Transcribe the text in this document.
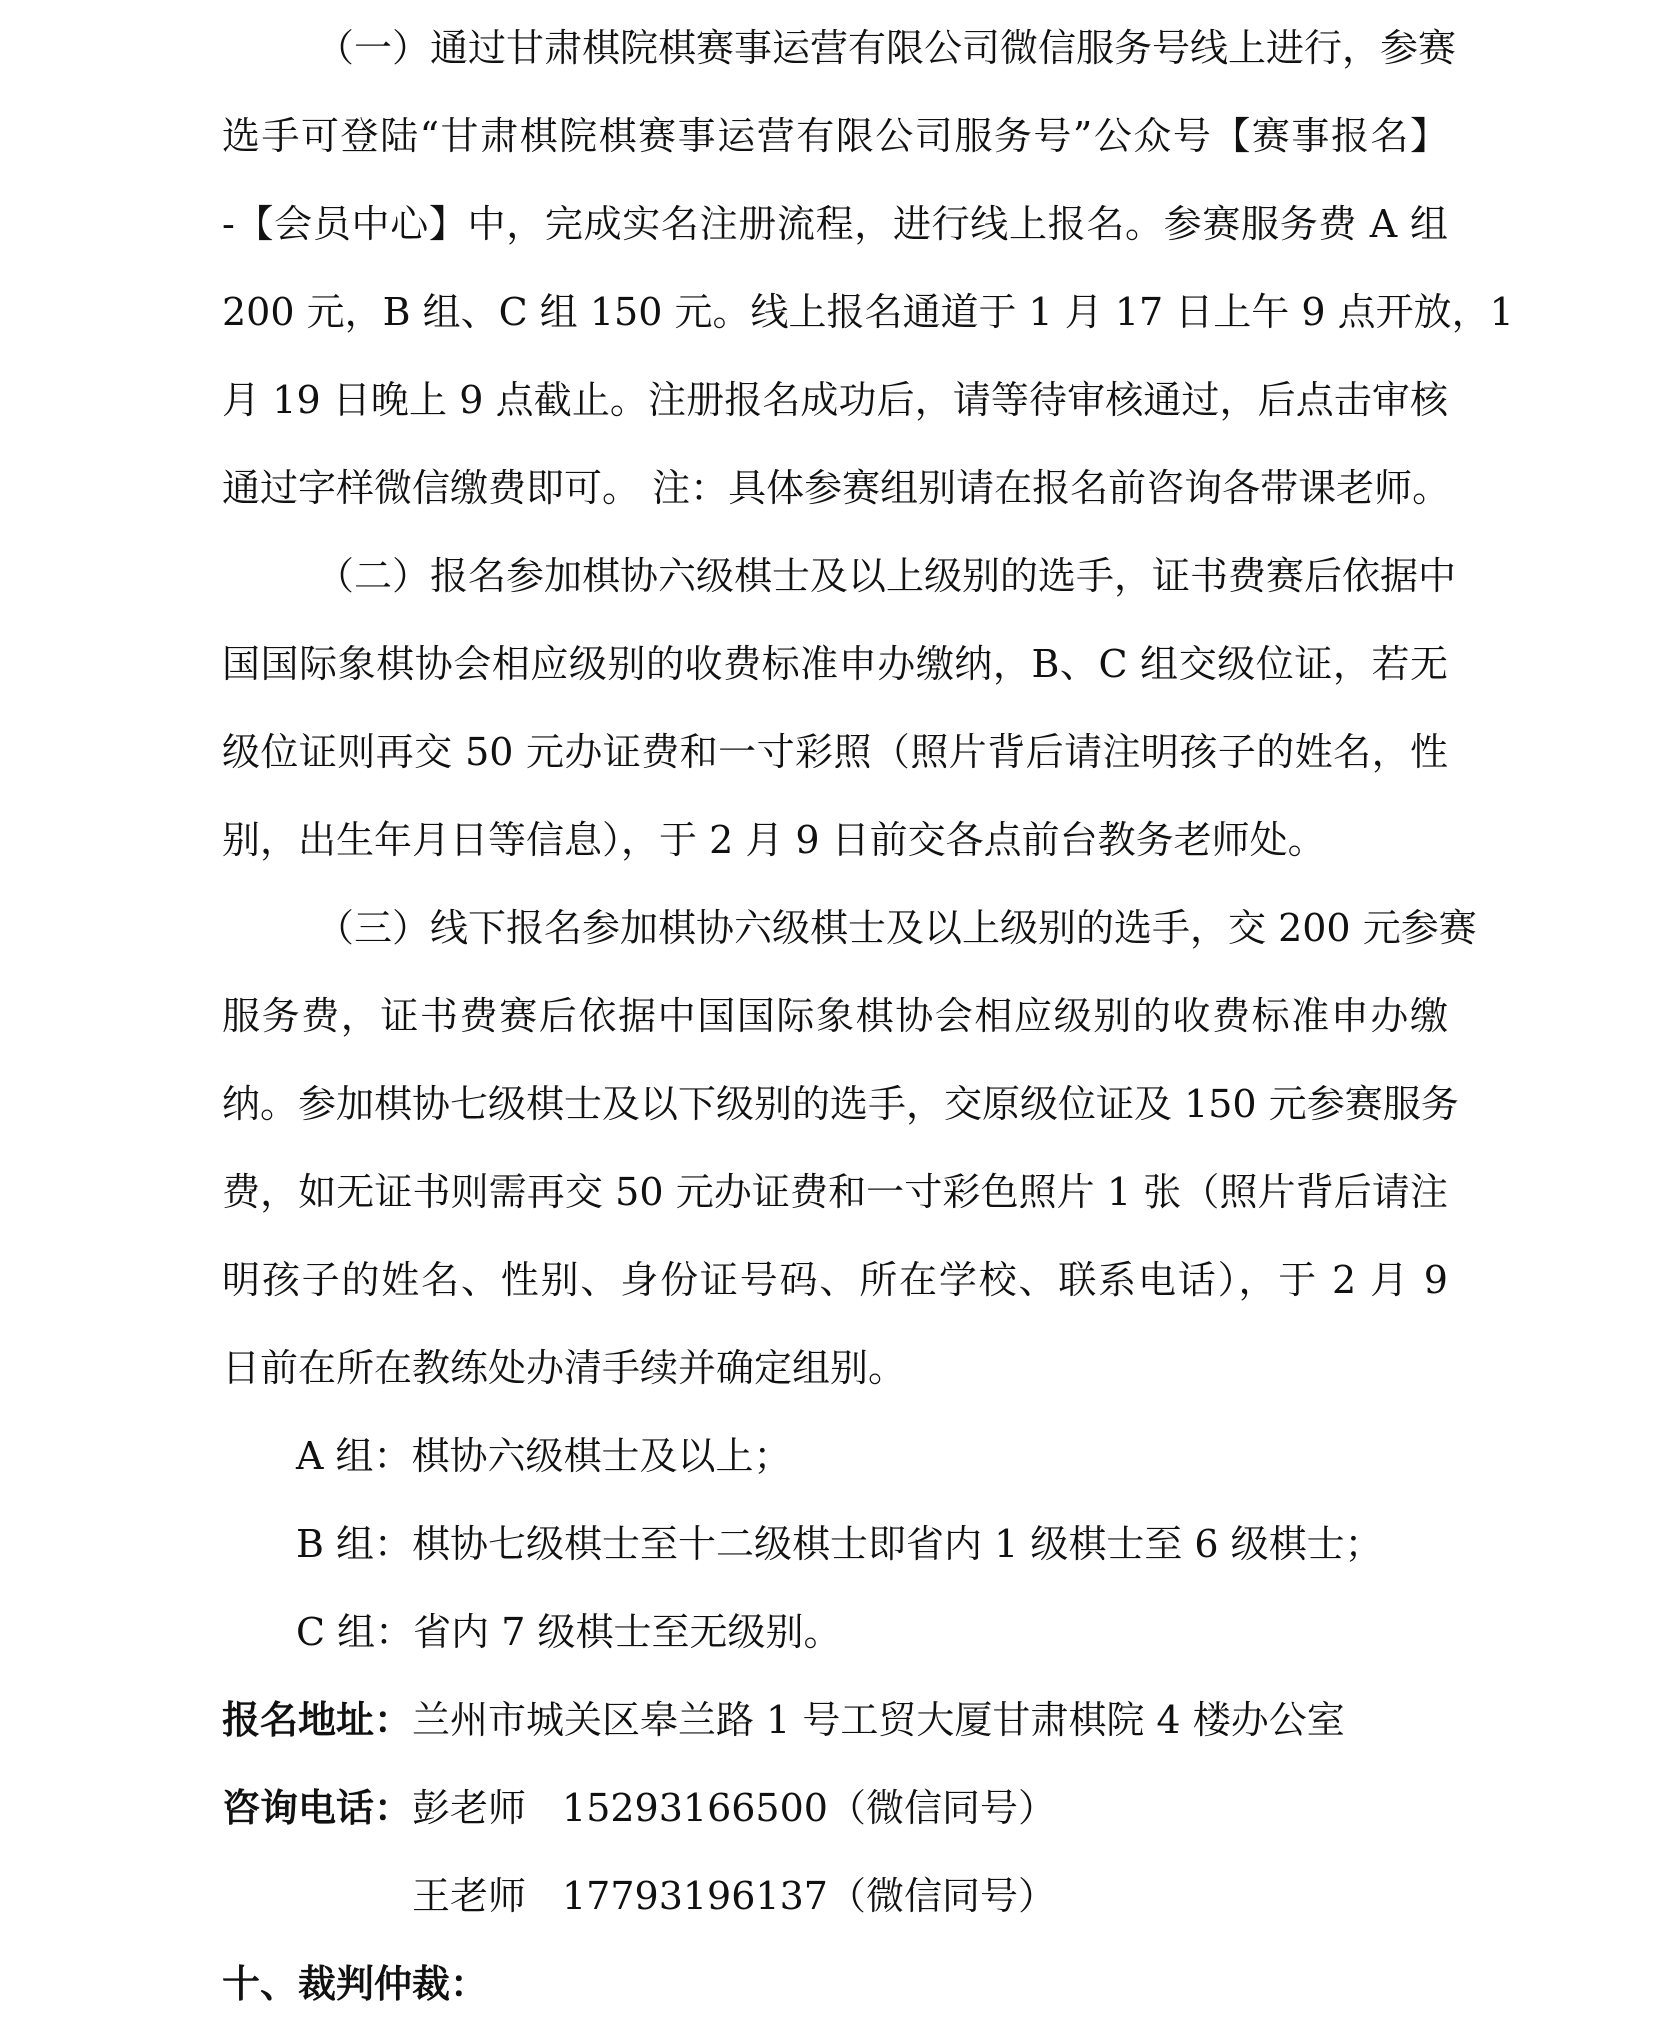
（一）通过甘肃棋院棋赛事运营有限公司微信服务号线上进行，参赛
选手可登陆“甘肃棋院棋赛事运营有限公司服务号”公众号【赛事报名】
-【会员中心】中，完成实名注册流程，进行线上报名。参赛服务费 A 组
200 元，B 组、C 组 150 元。线上报名通道于 1 月 17 日上午 9 点开放，1
月 19 日晚上 9 点截止。注册报名成功后，请等待审核通过，后点击审核
通过字样微信缴费即可。 注：具体参赛组别请在报名前咨询各带课老师。
（二）报名参加棋协六级棋士及以上级别的选手，证书费赛后依据中
国国际象棋协会相应级别的收费标准申办缴纳，B、C 组交级位证，若无
级位证则再交 50 元办证费和一寸彩照（照片背后请注明孩子的姓名，性
别，出生年月日等信息），于 2 月 9 日前交各点前台教务老师处。
（三）线下报名参加棋协六级棋士及以上级别的选手，交 200 元参赛
服务费，证书费赛后依据中国国际象棋协会相应级别的收费标准申办缴
纳。参加棋协七级棋士及以下级别的选手，交原级位证及 150 元参赛服务
费，如无证书则需再交 50 元办证费和一寸彩色照片 1 张（照片背后请注
明孩子的姓名、性别、身份证号码、所在学校、联系电话），于 2 月 9
日前在所在教练处办清手续并确定组别。
A 组：棋协六级棋士及以上；
B 组：棋协七级棋士至十二级棋士即省内 1 级棋士至 6 级棋士；
C 组：省内 7 级棋士至无级别。
报名地址：兰州市城关区皋兰路 1 号工贸大厦甘肃棋院 4 楼办公室
咨询电话：彭老师 15293166500（微信同号）
王老师 17793196137（微信同号）
十、裁判仲裁：
